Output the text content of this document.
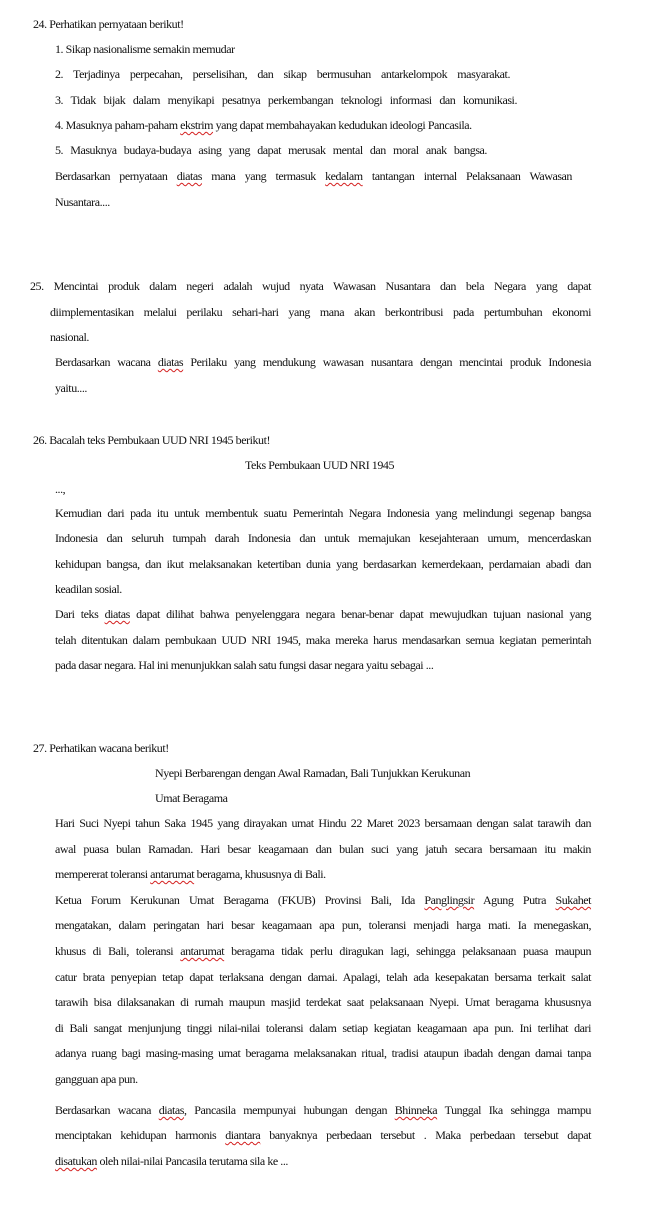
24. Perhatikan pernyataan berikut!
1. Sikap nasionalisme semakin memudar
2. Terjadinya perpecahan, perselisihan, dan sikap bermusuhan antarkelompok masyarakat.
3. Tidak bijak dalam menyikapi pesatnya perkembangan teknologi informasi dan komunikasi.
4. Masuknya paham-paham ekstrim yang dapat membahayakan kedudukan ideologi Pancasila.
5. Masuknya budaya-budaya asing yang dapat merusak mental dan moral anak bangsa.
Berdasarkan pernyataan diatas mana yang termasuk kedalam tantangan internal Pelaksanaan Wawasan
Nusantara....
25. Mencintai produk dalam negeri adalah wujud nyata Wawasan Nusantara dan bela Negara yang dapat
diimplementasikan melalui perilaku sehari-hari yang mana akan berkontribusi pada pertumbuhan ekonomi
nasional.
Berdasarkan wacana diatas Perilaku yang mendukung wawasan nusantara dengan mencintai produk Indonesia
yaitu....
26. Bacalah teks Pembukaan UUD NRI 1945 berikut!
Teks Pembukaan UUD NRI 1945
...,
Kemudian dari pada itu untuk membentuk suatu Pemerintah Negara Indonesia yang melindungi segenap bangsa
Indonesia dan seluruh tumpah darah Indonesia dan untuk memajukan kesejahteraan umum, mencerdaskan
kehidupan bangsa, dan ikut melaksanakan ketertiban dunia yang berdasarkan kemerdekaan, perdamaian abadi dan
keadilan sosial.
Dari teks diatas dapat dilihat bahwa penyelenggara negara benar-benar dapat mewujudkan tujuan nasional yang
telah ditentukan dalam pembukaan UUD NRI 1945, maka mereka harus mendasarkan semua kegiatan pemerintah
pada dasar negara. Hal ini menunjukkan salah satu fungsi dasar negara yaitu sebagai ...
27. Perhatikan wacana berikut!
Nyepi Berbarengan dengan Awal Ramadan, Bali Tunjukkan Kerukunan
Umat Beragama
Hari Suci Nyepi tahun Saka 1945 yang dirayakan umat Hindu 22 Maret 2023 bersamaan dengan salat tarawih dan
awal puasa bulan Ramadan. Hari besar keagamaan dan bulan suci yang jatuh secara bersamaan itu makin
mempererat toleransi antarumat beragama, khususnya di Bali.
Ketua Forum Kerukunan Umat Beragama (FKUB) Provinsi Bali, Ida Panglingsir Agung Putra Sukahet
mengatakan, dalam peringatan hari besar keagamaan apa pun, toleransi menjadi harga mati. Ia menegaskan,
khusus di Bali, toleransi antarumat beragama tidak perlu diragukan lagi, sehingga pelaksanaan puasa maupun
catur brata penyepian tetap dapat terlaksana dengan damai. Apalagi, telah ada kesepakatan bersama terkait salat
tarawih bisa dilaksanakan di rumah maupun masjid terdekat saat pelaksanaan Nyepi. Umat beragama khususnya
di Bali sangat menjunjung tinggi nilai-nilai toleransi dalam setiap kegiatan keagamaan apa pun. Ini terlihat dari
adanya ruang bagi masing-masing umat beragama melaksanakan ritual, tradisi ataupun ibadah dengan damai tanpa
gangguan apa pun.
Berdasarkan wacana diatas, Pancasila mempunyai hubungan dengan Bhinneka Tunggal Ika sehingga mampu
menciptakan kehidupan harmonis diantara banyaknya perbedaan tersebut . Maka perbedaan tersebut dapat
disatukan oleh nilai-nilai Pancasila terutama sila ke ...
